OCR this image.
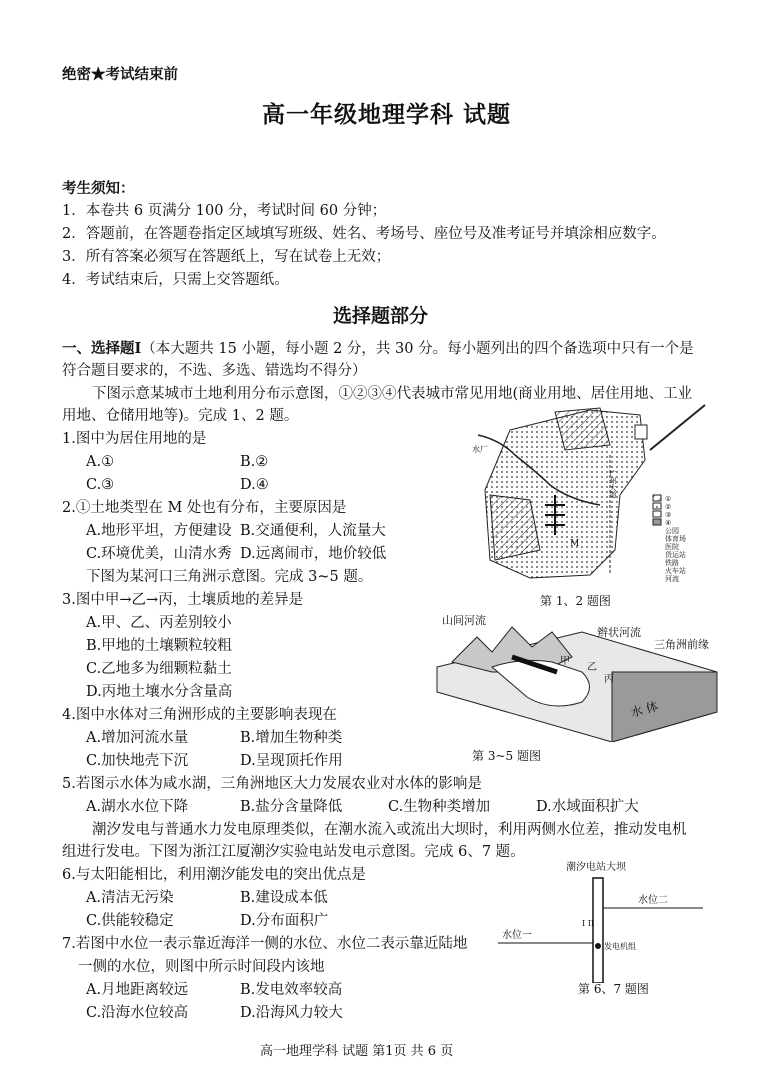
绝密★考试结束前
高一年级地理学科 试题
考生须知：
1．本卷共 6 页满分 100 分，考试时间 60 分钟；
2．答题前，在答题卷指定区域填写班级、姓名、考场号、座位号及准考证号并填涂相应数字。
3．所有答案必须写在答题纸上，写在试卷上无效；
4．考试结束后，只需上交答题纸。
选择题部分
一、选择题Ⅰ（本大题共 15 小题，每小题 2 分，共 30 分。每小题列出的四个备选项中只有一个是
符合题目要求的，不选、多选、错选均不得分）
下图示意某城市土地利用分布示意图，①②③④代表城市常见用地(商业用地、居住用地、工业
用地、仓储用地等)。完成 1、2 题。
1.图中为居住用地的是
A.①	B.②
C.③	D.④
2.①土地类型在 M 处也有分布，主要原因是
A.地形平坦，方便建设 B.交通便利，人流量大
C.环境优美，山清水秀 D.远离闹市，地价较低
下图为某河口三角洲示意图。完成 3~5 题。
3.图中甲→乙→丙，土壤质地的差异是
A.甲、乙、丙差别较小
B.甲地的土壤颗粒较粗
C.乙地多为细颗粒黏土
D.丙地土壤水分含量高
4.图中水体对三角洲形成的主要影响表现在
A.增加河流水量	B.增加生物种类
C.加快地壳下沉	D.呈现顶托作用
5.若图示水体为咸水湖，三角洲地区大力发展农业对水体的影响是
A.湖水水位下降	B.盐分含量降低	C.生物种类增加	D.水域面积扩大
潮汐发电与普通水力发电原理类似，在潮水流入或流出大坝时，利用两侧水位差，推动发电机
组进行发电。下图为浙江江厦潮汐实验电站发电示意图。完成 6、7 题。
6.与太阳能相比，利用潮汐能发电的突出优点是
A.清洁无污染	B.建设成本低
C.供能较稳定	D.分布面积广
7.若图中水位一表示靠近海洋一侧的水位、水位二表示靠近陆地
一侧的水位，则图中所示时间段内该地
A.月地距离较远	B.发电效率较高
C.沿海水位较高	D.沿海风力较大
高一地理学科 试题 第1页 共 6 页
水厂
M
广州大道
①
②
③
④
公园
体育场
医院
货运站
铁路
火车站
河流
第 1、2 题图
山间河流
辫状河流
三角洲前缘
甲
乙
丙
水 体
第 3~5 题图
潮汐电站大坝
水位二
水位一
I II
发电机组
第 6、7 题图
